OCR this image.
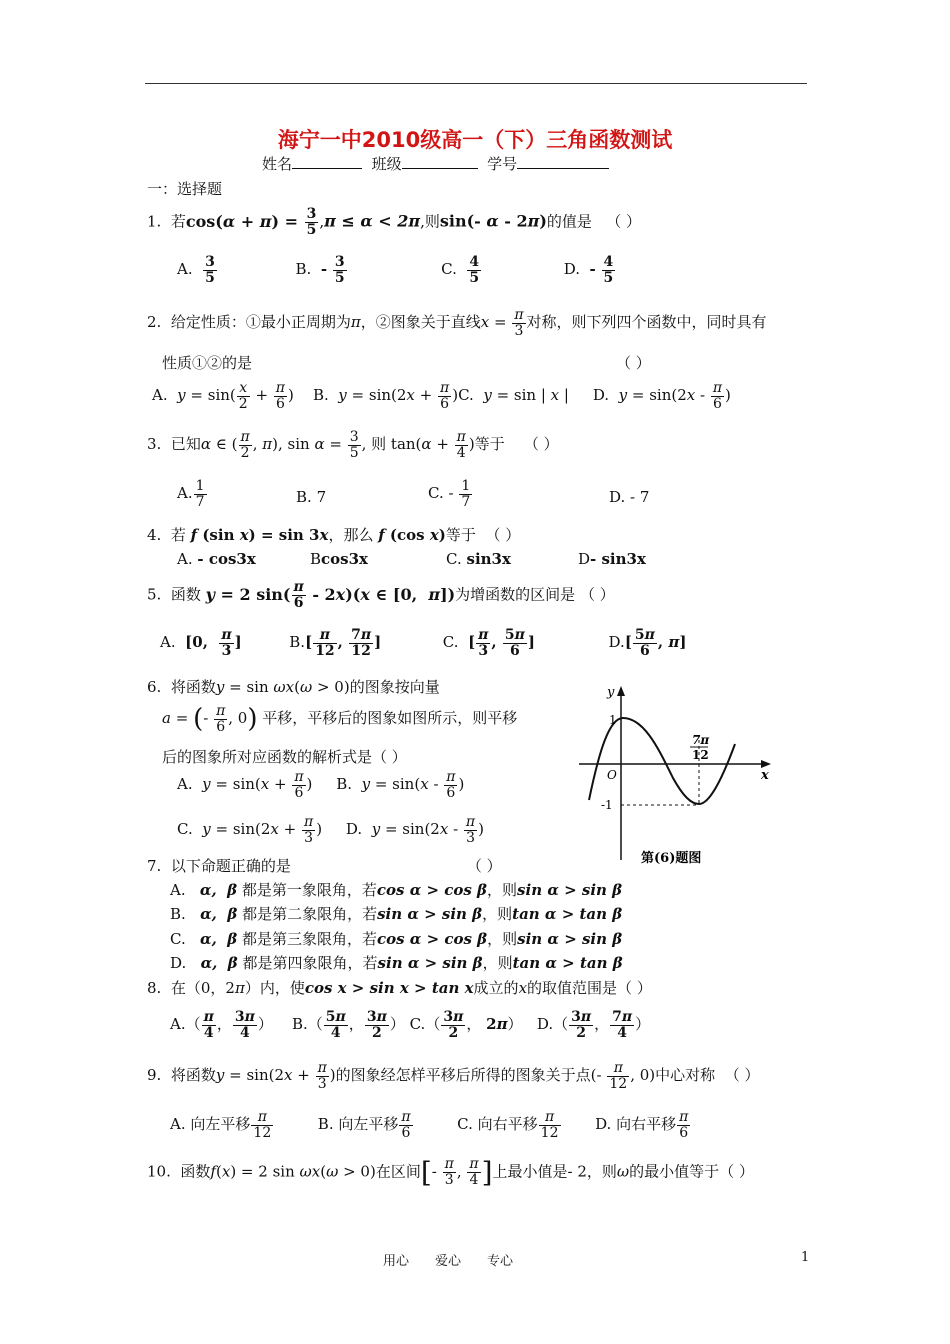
海宁一中2010级高一（下）三角函数测试
姓名	班级	学号
一：选择题
1. 若$\cos(\alpha + \pi) = \frac{3}{5} ,\pi \le \alpha < 2\pi$,则sin(- α - 2π)的值是 （ ）
A. $\frac{3}{5}$	B. - $\frac{3}{5}$	C. $\frac{4}{5}$	D. - $\frac{4}{5}$
2. 给定性质：①最小正周期为π，②图象关于直线$x = \frac{\pi}{3}$ 对称，则下列四个函数中，同时具有
性质①②的是	（ ）
A. $y = \sin( \frac{x}{2} + \frac{\pi}{6}$ ) B. $y = \sin(2x + \frac{\pi}{6} )C$. y = sin | x | D. $y = \sin(2x - \frac{\pi}{6}$ )
3. 已知α ∈ ( $\frac{\pi}{2}$ , π), $\sin \alpha = \frac{3}{5}$ , 则 $\tan(\alpha + \frac{\pi}{4}$ )等于 （ ）
A. $\frac{1}{7}$	B. 7	C. - $\frac{1}{7}$	D. - 7
4. 若 f (sin x) = sin 3x，那么 f (cos x)等于 （ ）
A. - cos3x	Bcos3x	C. sin3x	D- sin3x
5. 函数 y = 2 $\sin( \frac{\pi}{6} - 2x)(x$ ∈ [0,  π])为增函数的区间是 （ ）
A. [0, $\frac{\pi}{3}$ ]	$B.[ \frac{\pi}{12}$ , $\frac{7\pi}{12}$ ]	C. [ $\frac{\pi}{3}$ , $\frac{5\pi}{6}$ ]	$D.[ \frac{5\pi}{6}$ , π]
6. 将函数y = sin ωx(ω > 0)的图象按向量
a = (- $\frac{\pi}{6}$ , 0) 平移，平移后的图象如图所示，则平移
后的图象所对应函数的解析式是（ ）
A. $y = \sin(x + \frac{\pi}{6}$ ) B. $y = \sin(x - \frac{\pi}{6}$ )
C. $y = \sin(2x + \frac{\pi}{3}$ ) D. $y = \sin(2x - \frac{\pi}{3}$ )
y
x
O
1
-1
7π
12
第(6)题图
7. 以下命题正确的是	（ ）
A. α,  β 都是第一象限角，若cos α > cos β，则sin α > sin β
B. α,  β 都是第二象限角，若sin α > sin β，则tan α > tan β
C. α,  β 都是第三象限角，若cos α > cos β，则sin α > sin β
D. α,  β 都是第四象限角，若sin α > sin β，则tan α > tan β
8. 在（0，2π）内，使cos x > sin x > tan x成立的x的取值范围是（ ）
$A.( \frac{\pi}{4}$ ， $\frac{3\pi}{4}$ ） $B.( \frac{5\pi}{4}$ ， $\frac{3\pi}{2}$ ） $C.( \frac{3\pi}{2}$ ， 2π） $D.( \frac{3\pi}{2}$ ， $\frac{7\pi}{4}$ ）
9. 将函数$y = \sin(2x + \frac{\pi}{3}$ )的图象经怎样平移后所得的图象关于点(- $\frac{\pi}{12}$ , 0)中心对称 （ ）
A. 向左平移 $\frac{\pi}{12}$	B. 向左平移 $\frac{\pi}{6}$	C. 向右平移 $\frac{\pi}{12} D$. 向右平移 $\frac{\pi}{6}$
10. 函数f(x) = 2 sin ωx(ω > 0)在区间[- $\frac{\pi}{3}$ , $\frac{\pi}{4}$ ]上最小值是- 2，则ω的最小值等于（ ）
用心　　爱心　　专心	1
